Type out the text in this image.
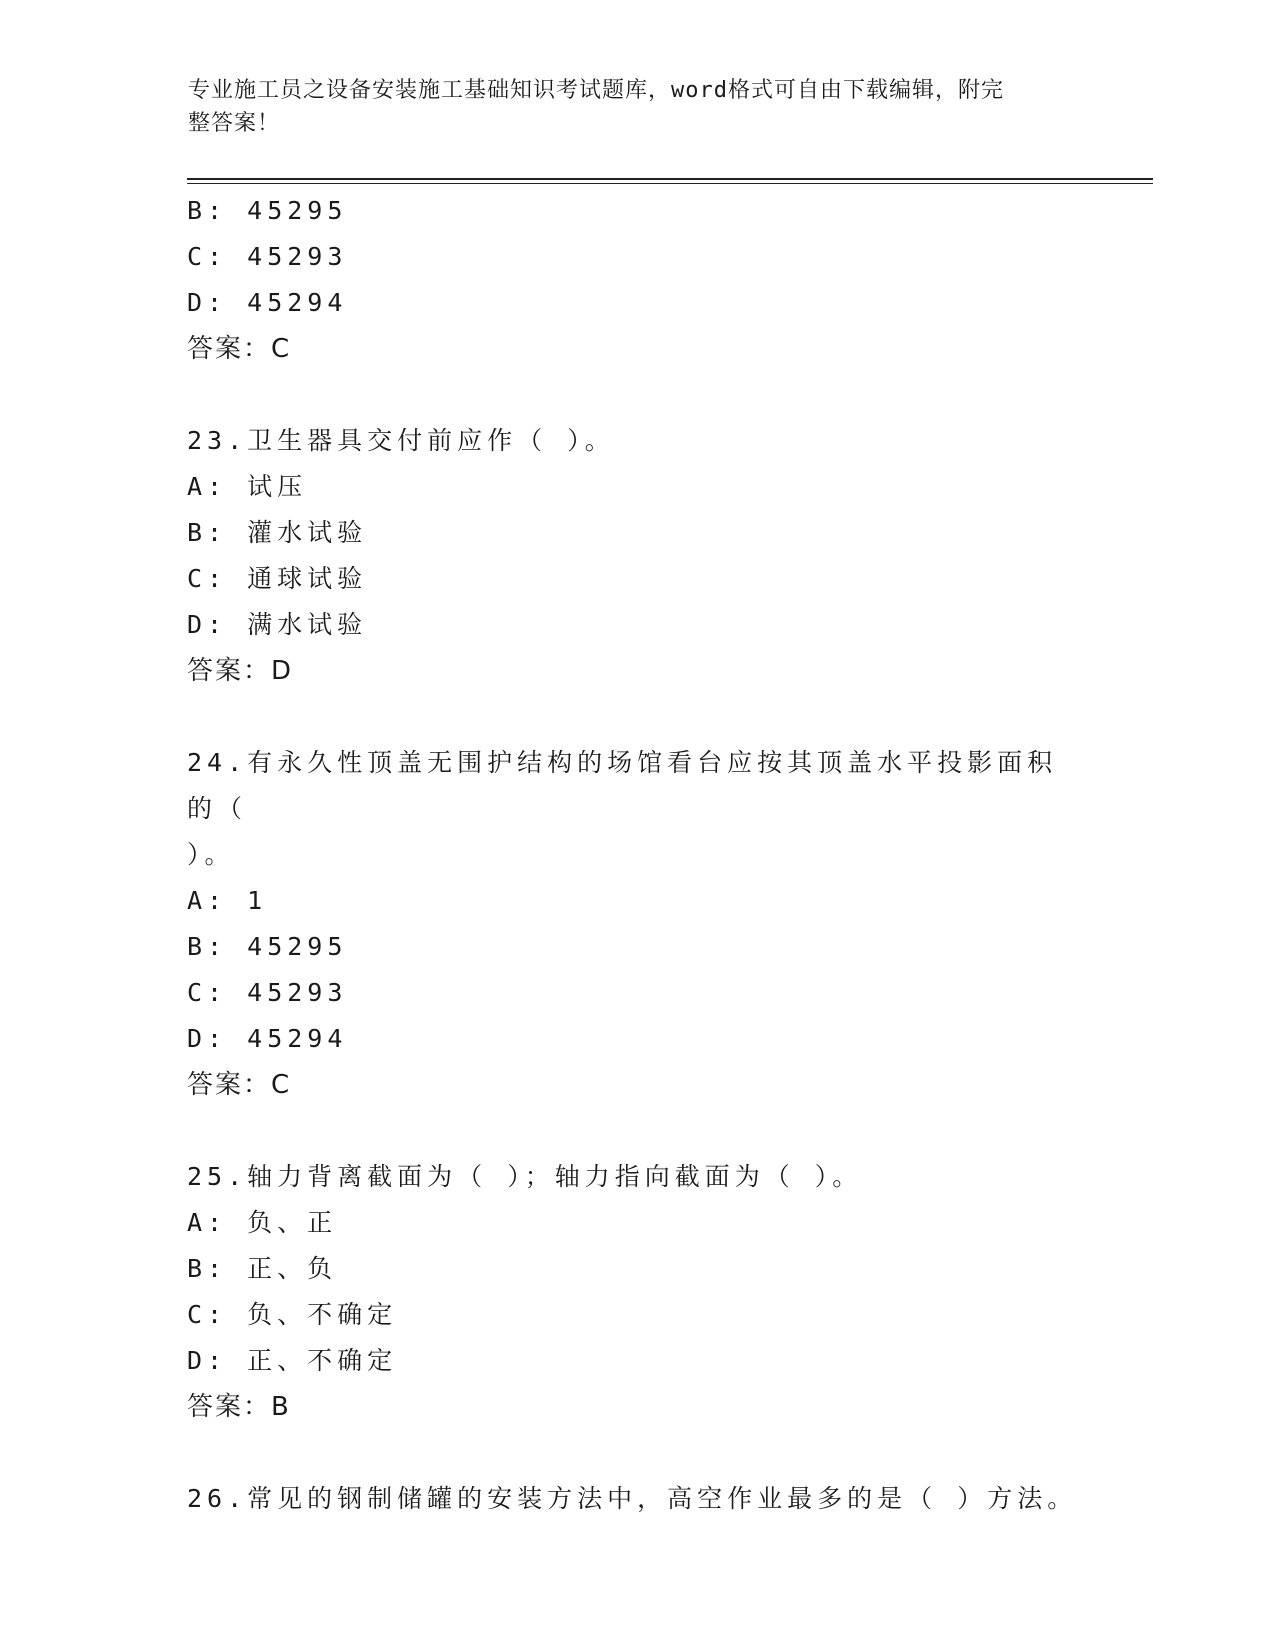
专业施工员之设备安装施工基础知识考试题库，word格式可自由下载编辑，附完
整答案！
B: 45295
C: 45293
D: 45294
答案：C
23.卫生器具交付前应作（ ）。
A: 试压
B: 灌水试验
C: 通球试验
D: 满水试验
答案：D
24.有永久性顶盖无围护结构的场馆看台应按其顶盖水平投影面积的（
）。
A: 1
B: 45295
C: 45293
D: 45294
答案：C
25.轴力背离截面为（ ）；轴力指向截面为（ ）。
A: 负、正
B: 正、负
C: 负、不确定
D: 正、不确定
答案：B
26.常见的钢制储罐的安装方法中，高空作业最多的是（ ）方法。
